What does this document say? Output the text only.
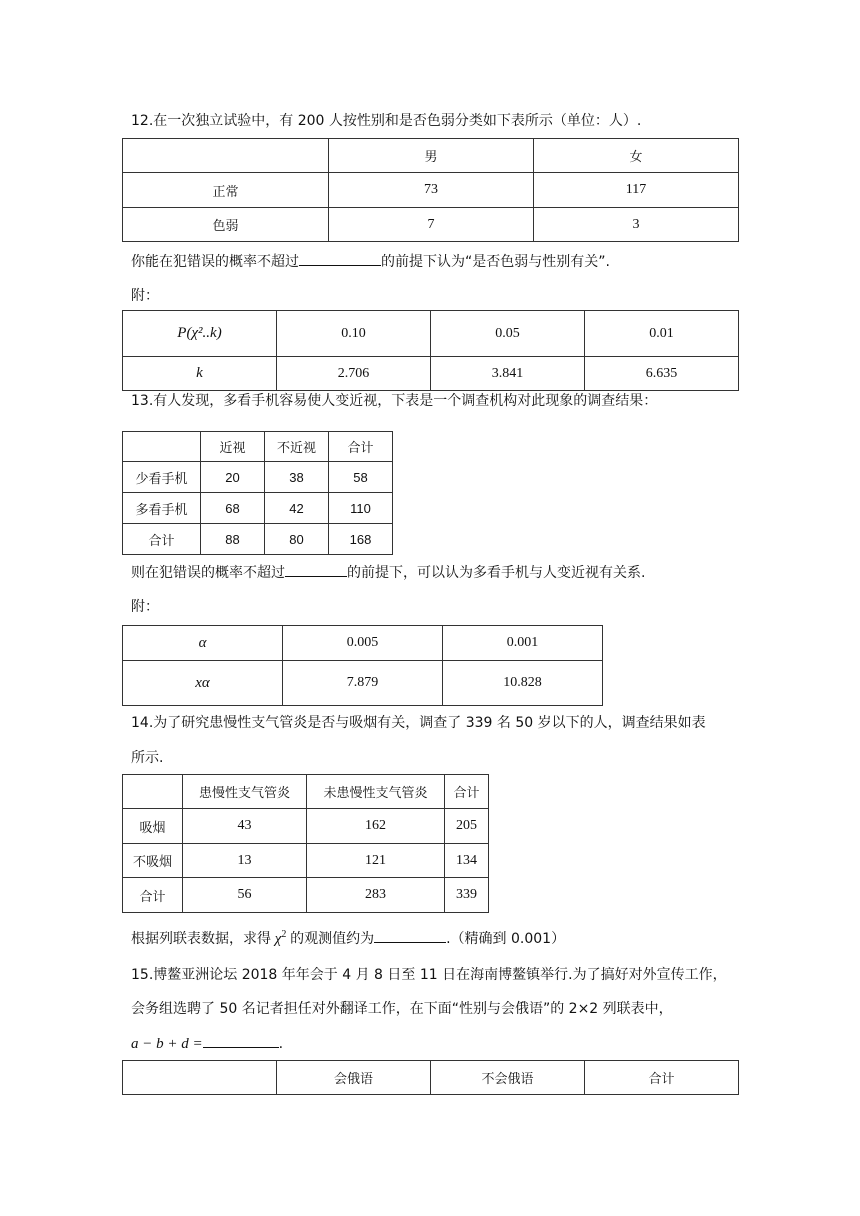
12.在一次独立试验中，有 200 人按性别和是否色弱分类如下表所示（单位：人）.
	男	女
正常	73	117
色弱	7	3
你能在犯错误的概率不超过	的前提下认为“是否色弱与性别有关”.
附：
P(χ²..k)	0.10	0.05	0.01
k	2.706	3.841	6.635
13.有人发现，多看手机容易使人变近视，下表是一个调查机构对此现象的调查结果：
	近视	不近视	合计
少看手机	20	38	58
多看手机	68	42	110
合计	88	80	168
则在犯错误的概率不超过	的前提下，可以认为多看手机与人变近视有关系.
附：
α	0.005	0.001
xα	7.879	10.828
14.为了研究患慢性支气管炎是否与吸烟有关，调查了 339 名 50 岁以下的人，调查结果如表
所示.
	患慢性支气管炎	未患慢性支气管炎	合计
吸烟	43	162	205
不吸烟	13	121	134
合计	56	283	339
根据列联表数据，求得 $\chi^2$ 的观测值约为	.（精确到 0.001）
15.博鳌亚洲论坛 2018 年年会于 4 月 8 日至 11 日在海南博鳌镇举行.为了搞好对外宣传工作，
会务组选聘了 50 名记者担任对外翻译工作，在下面“性别与会俄语”的 2×2 列联表中，
a − b + d =	.
	会俄语	不会俄语	合计
